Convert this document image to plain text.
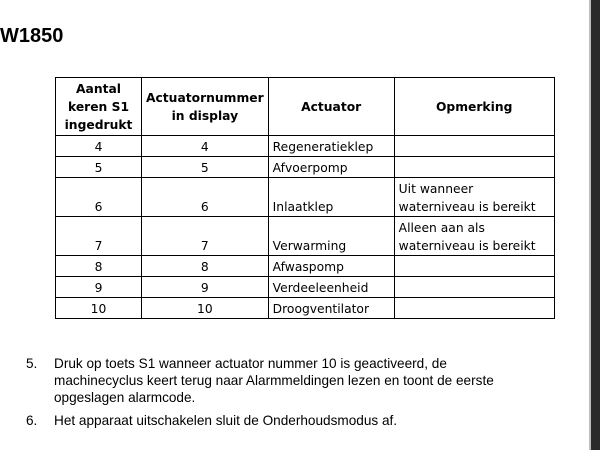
W1850
Aantal keren S1 ingedrukt	Actuatornummer in display	Actuator	Opmerking
4	4	Regeneratieklep	
5	5	Afvoerpomp	
6	6	Inlaatklep	Uit wanneer waterniveau is bereikt
7	7	Verwarming	Alleen aan als waterniveau is bereikt
8	8	Afwaspomp	
9	9	Verdeeleenheid	
10	10	Droogventilator	
5.	Druk op toets S1 wanneer actuator nummer 10 is geactiveerd, de machinecyclus keert terug naar Alarmmeldingen lezen en toont de eerste opgeslagen alarmcode.
6.	Het apparaat uitschakelen sluit de Onderhoudsmodus af.
